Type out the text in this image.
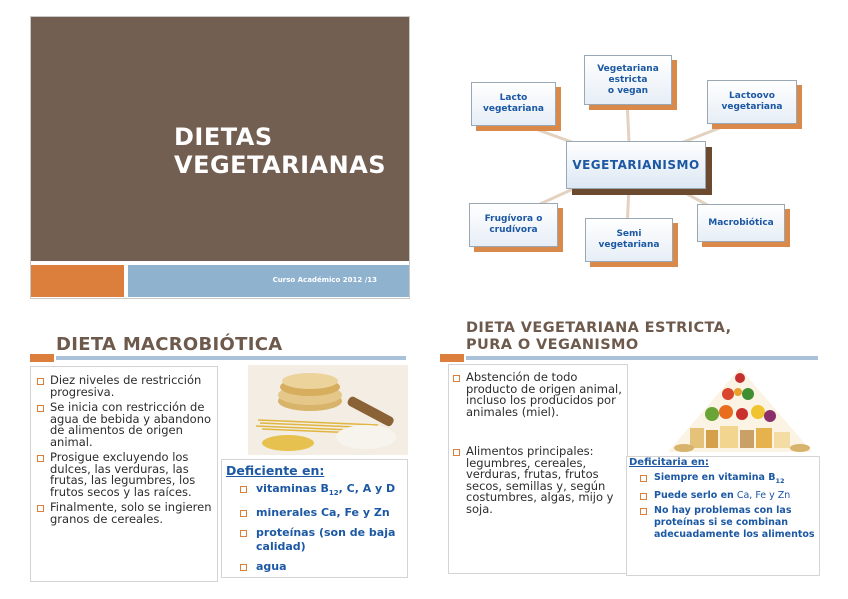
DIETAS
VEGETARIANAS
Curso Académico 2012 /13
Lacto
vegetariana
Vegetariana
estricta
o vegan
Lactoovo
vegetariana
VEGETARIANISMO
Frugívora o
crudívora	Semi
vegetariana
Macrobiótica
DIETA MACROBIÓTICA
Diez niveles de restricción progresiva.
Se inicia con restricción de agua de bebida y abandono de alimentos de origen animal.
Prosigue excluyendo los dulces, las verduras, las frutas, las legumbres, los frutos secos y las raíces.
Finalmente, solo se ingieren granos de cereales.
Deficiente en:
vitaminas $B_{12}$, C, A y D
minerales Ca, Fe y Zn
proteínas (son de baja calidad)
agua
DIETA VEGETARIANA ESTRICTA,
PURA O VEGANISMO
Abstención de todo producto de origen animal, incluso los producidos por animales (miel).
Alimentos principales: legumbres, cereales, verduras, frutas, frutos secos, semillas y, según costumbres, algas, mijo y soja.
Deficitaria en:
Siempre en vitamina $B_{12}$
Puede serlo en Ca, Fe y Zn
No hay problemas con las proteínas si se combinan adecuadamente los alimentos
